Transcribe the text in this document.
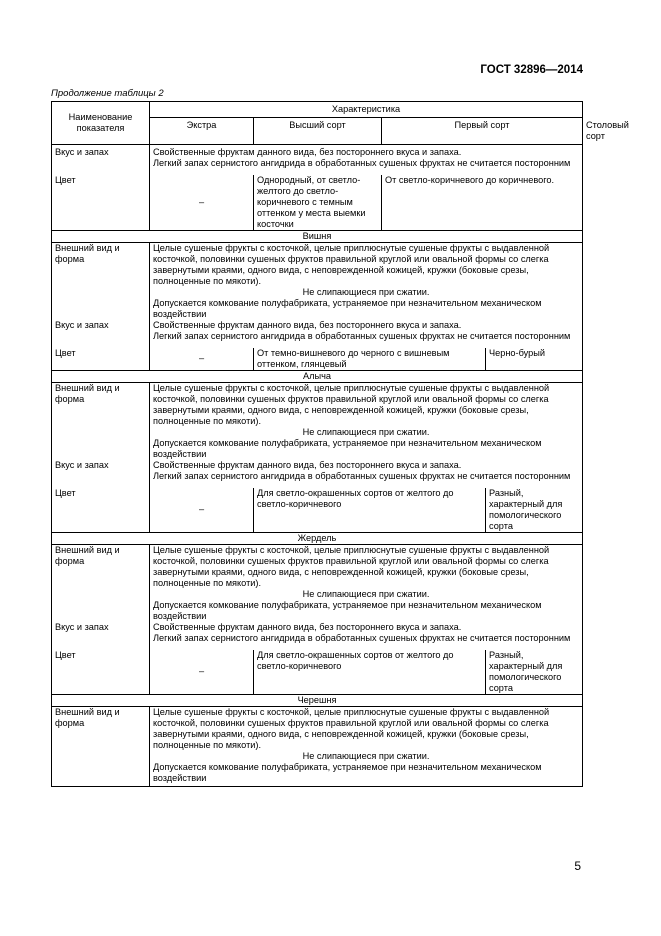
ГОСТ 32896—2014
Продолжение таблицы 2
Наименование показателя	Характеристика				
	Экстра	Высший сорт	Первый сорт		Столовый сорт
Вкус и запах	Свойственные фруктам данного вида, без постороннего вкуса и запаха.				
	Легкий запах сернистого ангидрида в обработанных сушеных фруктах не считается посторонним				

Цвет	–	Однородный, от светло-желтого до светло-коричневого с темным оттенком у места выемки косточки	От светло-коричневого до коричневого.		
Вишня					
Внешний вид и форма	Целые сушеные фрукты с косточкой, целые приплюснутые сушеные фрукты с выдавленной косточкой, половинки сушеных фруктов правильной круглой или овальной формы со слегка завернутыми краями, одного вида, с неповрежденной кожицей, кружки (боковые срезы, полноценные по мякоти).				
	Не слипающиеся при сжатии.				
	Допускается комкование полуфабриката, устраняемое при незначительном механическом воздействии				
Вкус и запах	Свойственные фруктам данного вида, без постороннего вкуса и запаха.				
	Легкий запах сернистого ангидрида в обработанных сушеных фруктах не считается посторонним				

Цвет	–	От темно-вишневого до черного с вишневым оттенком, глянцевый		Черно-бурый	
Алыча					
Внешний вид и форма	Целые сушеные фрукты с косточкой, целые приплюснутые сушеные фрукты с выдавленной косточкой, половинки сушеных фруктов правильной круглой или овальной формы со слегка завернутыми краями, одного вида, с неповрежденной кожицей, кружки (боковые срезы, полноценные по мякоти).				
	Не слипающиеся при сжатии.				
	Допускается комкование полуфабриката, устраняемое при незначительном механическом воздействии				
Вкус и запах	Свойственные фруктам данного вида, без постороннего вкуса и запаха.				
	Легкий запах сернистого ангидрида в обработанных сушеных фруктах не считается посторонним				

Цвет	–	Для светло-окрашенных сортов от желтого до светло-коричневого		Разный, характерный для помологического сорта	
Жердель					
Внешний вид и форма	Целые сушеные фрукты с косточкой, целые приплюснутые сушеные фрукты с выдавленной косточкой, половинки сушеных фруктов правильной круглой или овальной формы со слегка завернутыми краями, одного вида, с неповрежденной кожицей, кружки (боковые срезы, полноценные по мякоти).				
	Не слипающиеся при сжатии.				
	Допускается комкование полуфабриката, устраняемое при незначительном механическом воздействии				
Вкус и запах	Свойственные фруктам данного вида, без постороннего вкуса и запаха.				
	Легкий запах сернистого ангидрида в обработанных сушеных фруктах не считается посторонним				

Цвет	–	Для светло-окрашенных сортов от желтого до светло-коричневого		Разный, характерный для помологического сорта	
Черешня					
Внешний вид и форма	Целые сушеные фрукты с косточкой, целые приплюснутые сушеные фрукты с выдавленной косточкой, половинки сушеных фруктов правильной круглой или овальной формы со слегка завернутыми краями, одного вида, с неповрежденной кожицей, кружки (боковые срезы, полноценные по мякоти).				
	Не слипающиеся при сжатии.				
	Допускается комкование полуфабриката, устраняемое при незначительном механическом воздействии				
5
